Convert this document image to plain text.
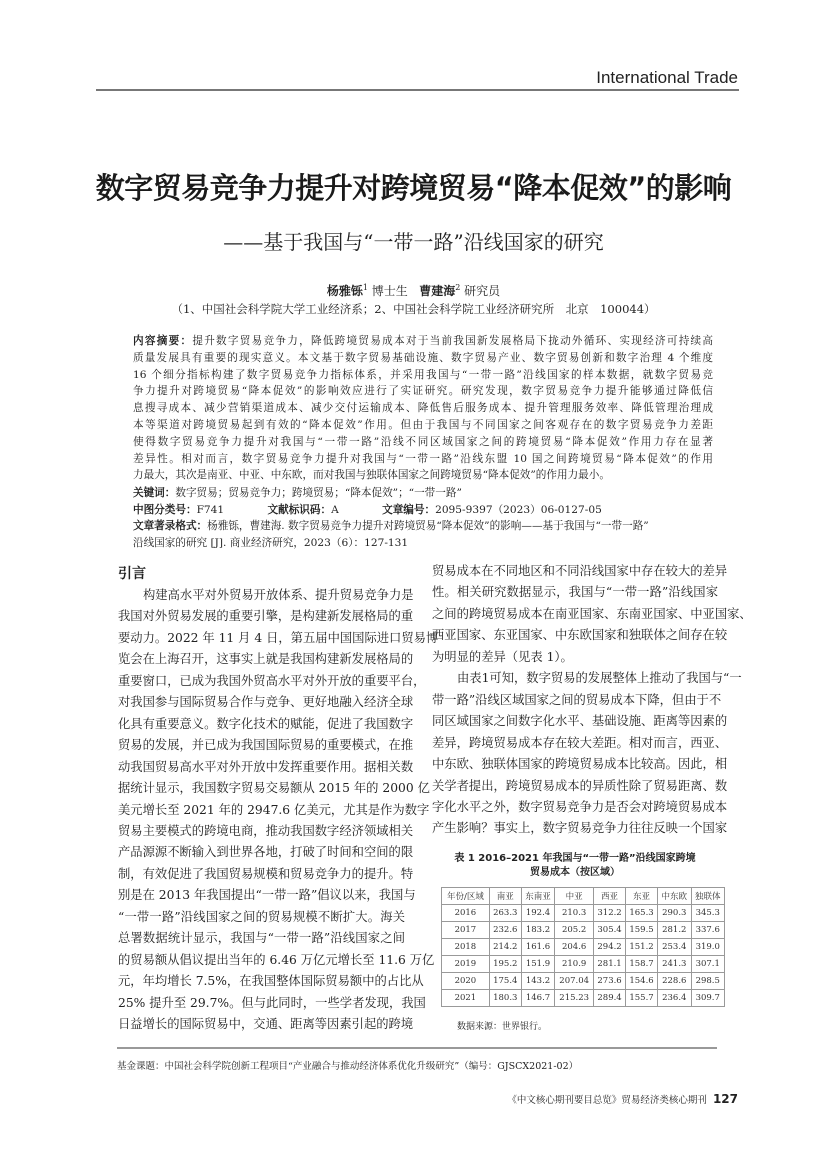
International Trade
数字贸易竞争力提升对跨境贸易“降本促效”的影响
——基于我国与“一带一路”沿线国家的研究
杨雅铄$^1$ 博士生 曹建海$^2$ 研究员
（1、中国社会科学院大学工业经济系；2、中国社会科学院工业经济研究所　北京　100044）
内容摘要：提升数字贸易竞争力，降低跨境贸易成本对于当前我国新发展格局下拢动外循环、实现经济可持续高
质量发展具有重要的现实意义。本文基于数字贸易基础设施、数字贸易产业、数字贸易创新和数字治理 4 个维度
16 个细分指标构建了数字贸易竞争力指标体系，并采用我国与“一带一路”沿线国家的样本数据，就数字贸易竞
争力提升对跨境贸易“降本促效”的影响效应进行了实证研究。研究发现，数字贸易竞争力提升能够通过降低信
息搜寻成本、减少营销渠道成本、减少交付运输成本、降低售后服务成本、提升管理服务效率、降低管理治理成
本等渠道对跨境贸易起到有效的“降本促效”作用。但由于我国与不同国家之间客观存在的数字贸易竞争力差距
使得数字贸易竞争力提升对我国与“一带一路”沿线不同区域国家之间的跨境贸易“降本促效”作用力存在显著
差异性。相对而言，数字贸易竞争力提升对我国与“一带一路”沿线东盟 10 国之间跨境贸易“降本促效”的作用
力最大，其次是南亚、中亚、中东欧，而对我国与独联体国家之间跨境贸易“降本促效”的作用力最小。
关键词：数字贸易；贸易竞争力；跨境贸易；“降本促效”；“一带一路”
中图分类号：F741	文献标识码：A	文章编号：2095-9397（2023）06-0127-05
文章著录格式：杨雅铄，曹建海. 数字贸易竞争力提升对跨境贸易“降本促效”的影响——基于我国与“一带一路”
沿线国家的研究 [J]. 商业经济研究，2023（6）：127-131
引言
构建高水平对外贸易开放体系、提升贸易竞争力是
我国对外贸易发展的重要引擎，是构建新发展格局的重
要动力。2022 年 11 月 4 日，第五届中国国际进口贸易博
览会在上海召开，这事实上就是我国构建新发展格局的
重要窗口，已成为我国外贸高水平对外开放的重要平台，
对我国参与国际贸易合作与竞争、更好地融入经济全球
化具有重要意义。数字化技术的赋能，促进了我国数字
贸易的发展，并已成为我国国际贸易的重要模式，在推
动我国贸易高水平对外开放中发挥重要作用。据相关数
据统计显示，我国数字贸易交易额从 2015 年的 2000 亿
美元增长至 2021 年的 2947.6 亿美元，尤其是作为数字
贸易主要模式的跨境电商，推动我国数字经济领域相关
产品源源不断输入到世界各地，打破了时间和空间的限
制，有效促进了我国贸易规模和贸易竞争力的提升。特
别是在 2013 年我国提出“一带一路”倡议以来，我国与
“一带一路”沿线国家之间的贸易规模不断扩大。海关
总署数据统计显示，我国与“一带一路”沿线国家之间
的贸易额从倡议提出当年的 6.46 万亿元增长至 11.6 万亿
元，年均增长 7.5%，在我国整体国际贸易额中的占比从
25% 提升至 29.7%。但与此同时，一些学者发现，我国
日益增长的国际贸易中，交通、距离等因素引起的跨境
贸易成本在不同地区和不同沿线国家中存在较大的差异
性。相关研究数据显示，我国与“一带一路”沿线国家
之间的跨境贸易成本在南亚国家、东南亚国家、中亚国家、
西亚国家、东亚国家、中东欧国家和独联体之间存在较
为明显的差异（见表 1）。
由表1可知，数字贸易的发展整体上推动了我国与“一
带一路”沿线区域国家之间的贸易成本下降，但由于不
同区域国家之间数字化水平、基础设施、距离等因素的
差异，跨境贸易成本存在较大差距。相对而言，西亚、
中东欧、独联体国家的跨境贸易成本比较高。因此，相
关学者提出，跨境贸易成本的异质性除了贸易距离、数
字化水平之外，数字贸易竞争力是否会对跨境贸易成本
产生影响？事实上，数字贸易竞争力往往反映一个国家
表 1 2016–2021 年我国与“一带一路”沿线国家跨境
贸易成本（按区域）
年份/区域	南亚	东南亚	中亚	西亚	东亚	中东欧	独联体
2016	263.3	192.4	210.3	312.2	165.3	290.3	345.3
2017	232.6	183.2	205.2	305.4	159.5	281.2	337.6
2018	214.2	161.6	204.6	294.2	151.2	253.4	319.0
2019	195.2	151.9	210.9	281.1	158.7	241.3	307.1
2020	175.4	143.2	207.04	273.6	154.6	228.6	298.5
2021	180.3	146.7	215.23	289.4	155.7	236.4	309.7
数据来源：世界银行。
基金课题：中国社会科学院创新工程项目“产业融合与推动经济体系优化升级研究”（编号：GJSCX2021-02）
《中文核心期刊要目总览》贸易经济类核心期刊 127
